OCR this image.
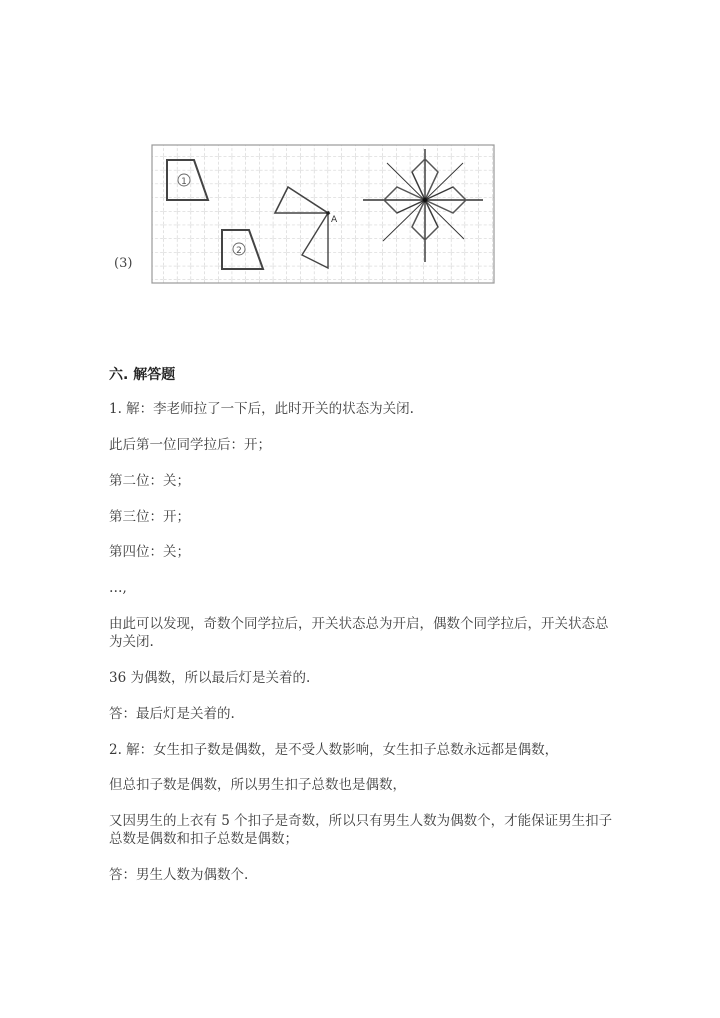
(3)
1
2
A
六. 解答题
1. 解：李老师拉了一下后，此时开关的状态为关闭.
此后第一位同学拉后：开；
第二位：关；
第三位：开；
第四位：关；
…,
由此可以发现，奇数个同学拉后，开关状态总为开启，偶数个同学拉后，开关状态总为关闭.
36 为偶数，所以最后灯是关着的.
答：最后灯是关着的.
2. 解：女生扣子数是偶数，是不受人数影响，女生扣子总数永远都是偶数，
但总扣子数是偶数，所以男生扣子总数也是偶数，
又因男生的上衣有 5 个扣子是奇数，所以只有男生人数为偶数个，才能保证男生扣子总数是偶数和扣子总数是偶数；
答：男生人数为偶数个.
